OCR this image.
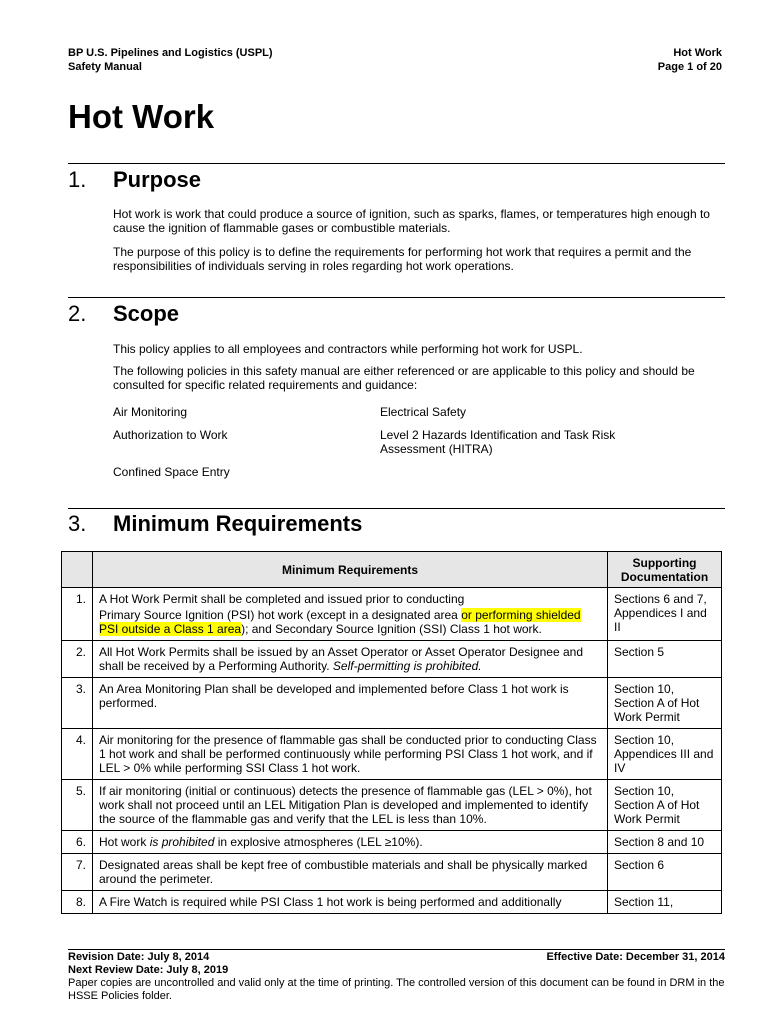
BP U.S. Pipelines and Logistics (USPL)
Safety Manual
Hot Work
Page 1 of 20
Hot Work
1. Purpose
Hot work is work that could produce a source of ignition, such as sparks, flames, or temperatures high enough to cause the ignition of flammable gases or combustible materials.
The purpose of this policy is to define the requirements for performing hot work that requires a permit and the responsibilities of individuals serving in roles regarding hot work operations.
2. Scope
This policy applies to all employees and contractors while performing hot work for USPL.
The following policies in this safety manual are either referenced or are applicable to this policy and should be consulted for specific related requirements and guidance:
Air Monitoring	Electrical Safety
Authorization to Work	Level 2 Hazards Identification and Task Risk Assessment (HITRA)
Confined Space Entry
3. Minimum Requirements
	Minimum Requirements	Supporting Documentation
1.	A Hot Work Permit shall be completed and issued prior to conducting
Primary Source Ignition (PSI) hot work (except in a designated area or performing shielded PSI outside a Class 1 area); and Secondary Source Ignition (SSI) Class 1 hot work.	Sections 6 and 7, Appendices I and II
2.	All Hot Work Permits shall be issued by an Asset Operator or Asset Operator Designee and shall be received by a Performing Authority. Self-permitting is prohibited.	Section 5
3.	An Area Monitoring Plan shall be developed and implemented before Class 1 hot work is performed.	Section 10, Section A of Hot Work Permit
4.	Air monitoring for the presence of flammable gas shall be conducted prior to conducting Class 1 hot work and shall be performed continuously while performing PSI Class 1 hot work, and if LEL > 0% while performing SSI Class 1 hot work.	Section 10, Appendices III and IV
5.	If air monitoring (initial or continuous) detects the presence of flammable gas (LEL > 0%), hot work shall not proceed until an LEL Mitigation Plan is developed and implemented to identify the source of the flammable gas and verify that the LEL is less than 10%.	Section 10, Section A of Hot Work Permit
6.	Hot work is prohibited in explosive atmospheres (LEL ≥10%).	Section 8 and 10
7.	Designated areas shall be kept free of combustible materials and shall be physically marked around the perimeter.	Section 6
8.	A Fire Watch is required while PSI Class 1 hot work is being performed and additionally	Section 11,
Revision Date: July 8, 2014	Effective Date: December 31, 2014
Next Review Date: July 8, 2019
Paper copies are uncontrolled and valid only at the time of printing. The controlled version of this document can be found in DRM in the HSSE Policies folder.
